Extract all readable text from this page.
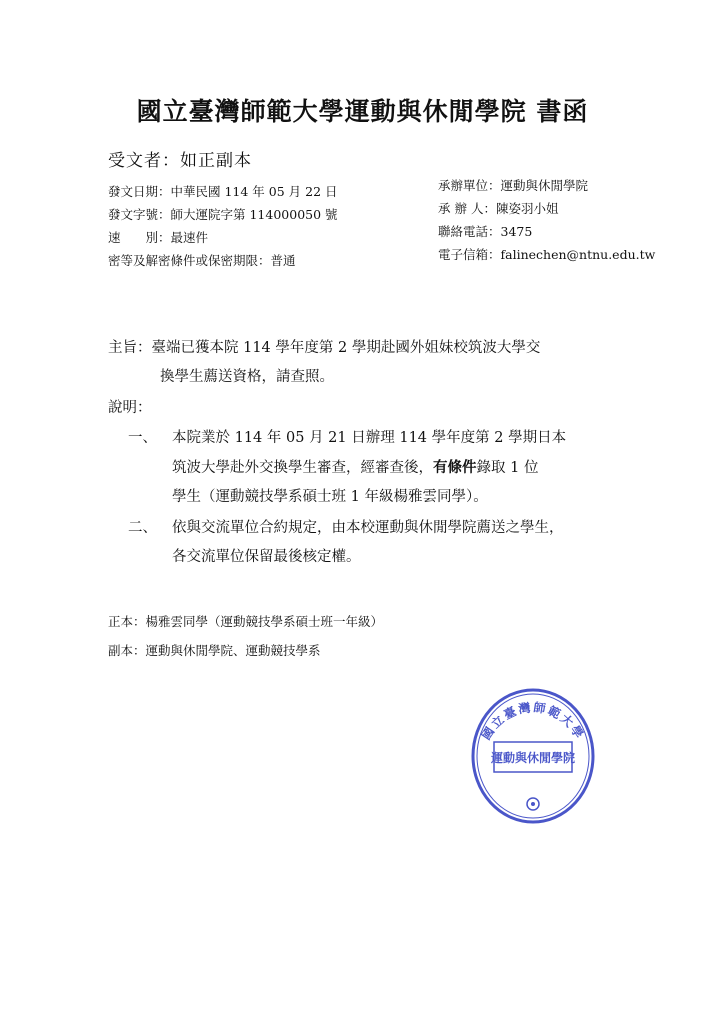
國立臺灣師範大學運動與休閒學院 書函
受文者：如正副本
發文日期：中華民國 114 年 05 月 22 日
發文字號：師大運院字第 114000050 號
速　　別：最速件
密等及解密條件或保密期限：普通
承辦單位：運動與休閒學院
承 辦 人：陳姿羽小姐
聯絡電話：3475
電子信箱：falinechen@ntnu.edu.tw
主旨：臺端已獲本院 114 學年度第 2 學期赴國外姐妹校筑波大學交
換學生薦送資格，請查照。
說明：
一、 本院業於 114 年 05 月 21 日辦理 114 學年度第 2 學期日本
筑波大學赴外交換學生審查，經審查後，有條件錄取 1 位
學生（運動競技學系碩士班 1 年級楊雅雲同學）。
二、 依與交流單位合約規定，由本校運動與休閒學院薦送之學生，
各交流單位保留最後核定權。
正本：楊雅雲同學（運動競技學系碩士班一年級）
副本：運動與休閒學院、運動競技學系
國立臺灣師範大學
運動與休閒學院
